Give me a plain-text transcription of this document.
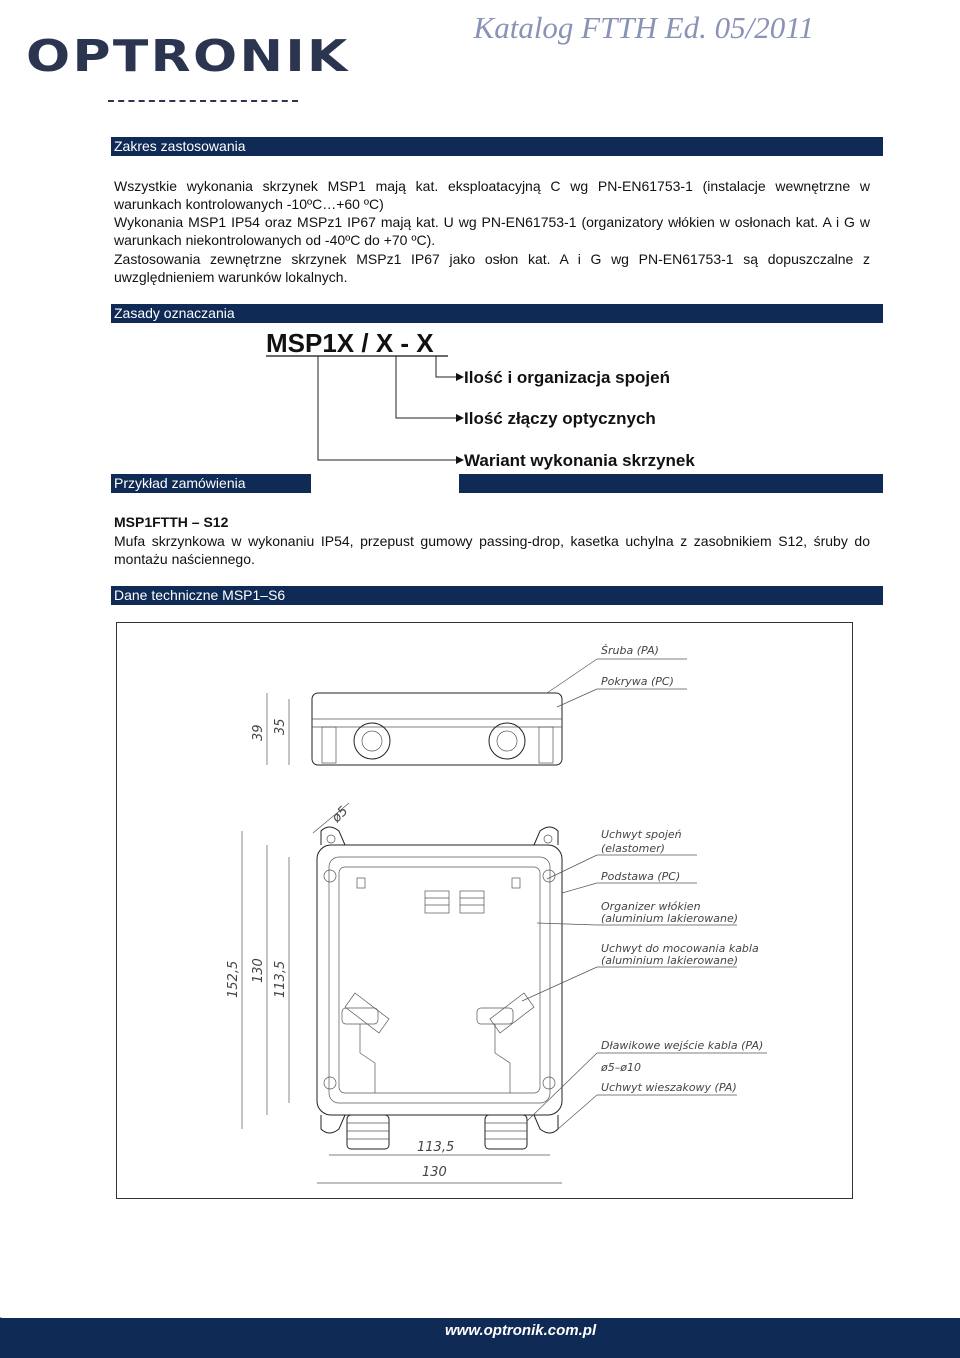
OPTRONIK
Katalog FTTH Ed. 05/2011
Zakres zastosowania
Wszystkie wykonania skrzynek MSP1 mają kat. eksploatacyjną C wg PN-EN61753-1 (instalacje wewnętrzne w warunkach kontrolowanych -10ºC…+60 ºC)
Wykonania MSP1 IP54 oraz MSPz1 IP67 mają kat. U wg PN-EN61753-1 (organizatory włókien w osłonach kat. A i G w warunkach niekontrolowanych od -40ºC do +70 ºC).
Zastosowania zewnętrzne skrzynek MSPz1 IP67 jako osłon kat. A i G wg PN-EN61753-1 są dopuszczalne z uwzględnieniem warunków lokalnych.
Zasady oznaczania
MSP1X / X - X
Ilość i organizacja spojeń
Ilość złączy optycznych
Wariant wykonania skrzynek
Przykład zamówienia
MSP1FTTH – S12
Mufa skrzynkowa w wykonaniu IP54, przepust gumowy passing-drop, kasetka uchylna z zasobnikiem S12, śruby do montażu naściennego.
Dane techniczne MSP1–S6
39 35
152,5 130 113,5
ø5
113,5
130
Śruba (PA)
Pokrywa (PC)
Uchwyt spojeń
(elastomer)
Podstawa (PC)
Organizer włókien
(aluminium lakierowane)
Uchwyt do mocowania kabla
(aluminium lakierowane)
Dławikowe wejście kabla (PA)
ø5–ø10
Uchwyt wieszakowy (PA)
www.optronik.com.pl
